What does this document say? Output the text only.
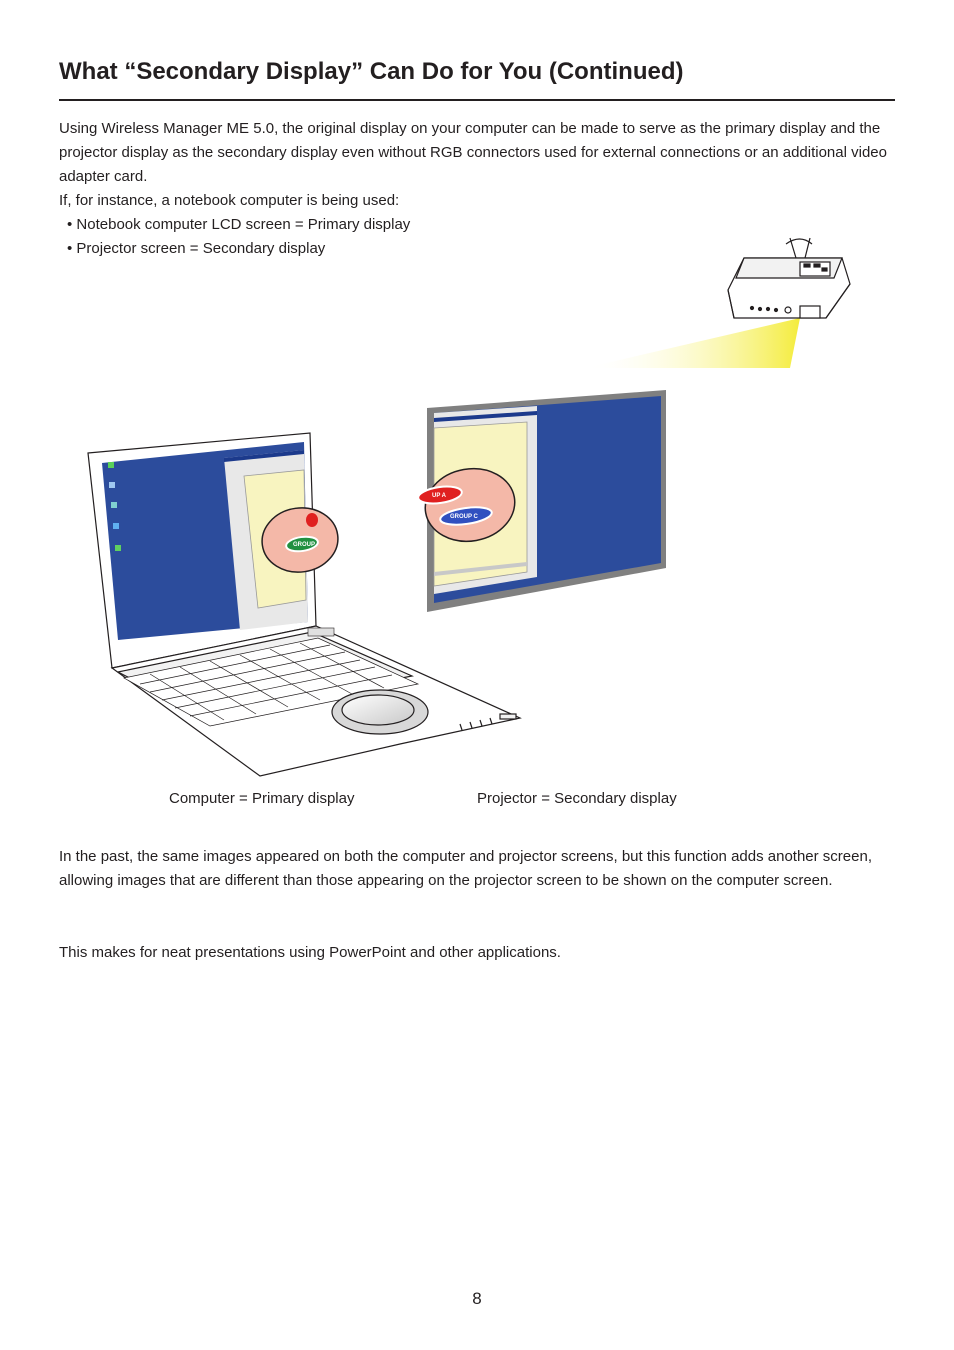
What “Secondary Display” Can Do for You (Continued)

Using Wireless Manager ME 5.0, the original display on your computer can be made to serve as the primary display and the projector display as the secondary display even without RGB connectors used for external connections or an additional video adapter card.

If, for instance, a notebook computer is being used:

• Notebook computer LCD screen = Primary display
• Projector screen = Secondary display
UP A
GROUP C
GROUP
Computer = Primary display	Projector = Secondary display

In the past, the same images appeared on both the computer and projector screens, but this function adds another screen, allowing images that are different than those appearing on the projector screen to be shown on the computer screen.

This makes for neat presentations using PowerPoint and other applications.

8
